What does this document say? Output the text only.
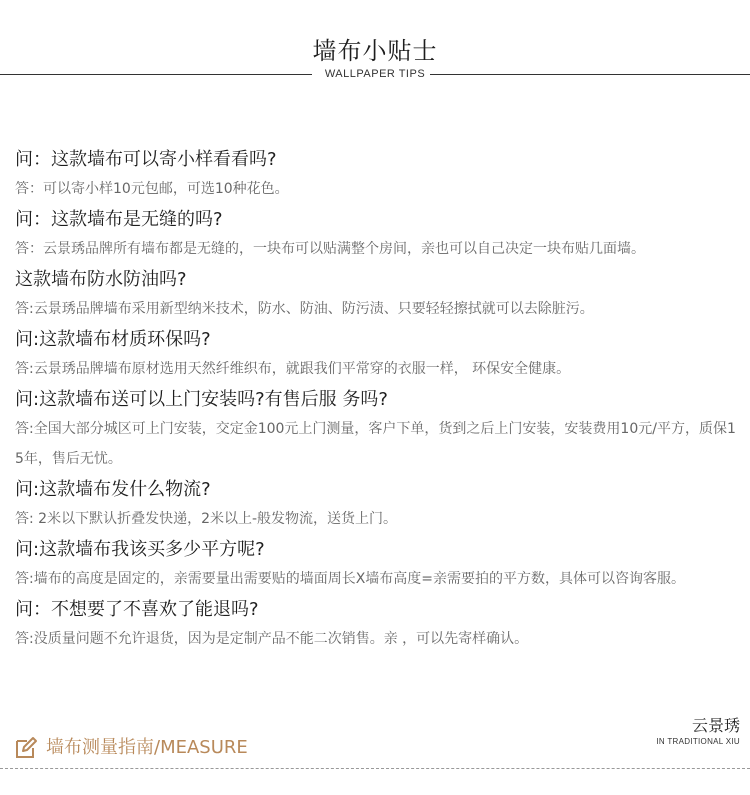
墙布小贴士
WALLPAPER TIPS
问：这款墙布可以寄小样看看吗?
答：可以寄小样10元包邮，可选10种花色。
问：这款墙布是无缝的吗?
答：云景琇品牌所有墙布都是无缝的，一块布可以贴满整个房间，亲也可以自己决定一块布贴几面墙。
这款墙布防水防油吗?
答:云景琇品牌墙布采用新型纳米技术，防水、防油、防污渍、只要轻轻擦拭就可以去除脏污。
问:这款墙布材质环保吗?
答:云景琇品牌墙布原材选用天然纤维织布，就跟我们平常穿的衣服一样， 环保安全健康。
问:这款墙布送可以上门安装吗?有售后服 务吗?
答:全国大部分城区可上门安装，交定金100元上门测量，客户下单，货到之后上门安装，安装费用10元/平方，质保15年，售后无忧。
问:这款墙布发什么物流?
答: 2米以下默认折叠发快递，2米以上-般发物流，送货上门。
问:这款墙布我该买多少平方呢?
答:墙布的高度是固定的，亲需要量出需要贴的墙面周长X墙布高度=亲需要拍的平方数，具体可以咨询客服。
问：不想要了不喜欢了能退吗?
答:没质量问题不允许退货，因为是定制产品不能二次销售。亲 ，可以先寄样确认。
墙布测量指南/MEASURE
云景琇
IN TRADITIONAL XIU
